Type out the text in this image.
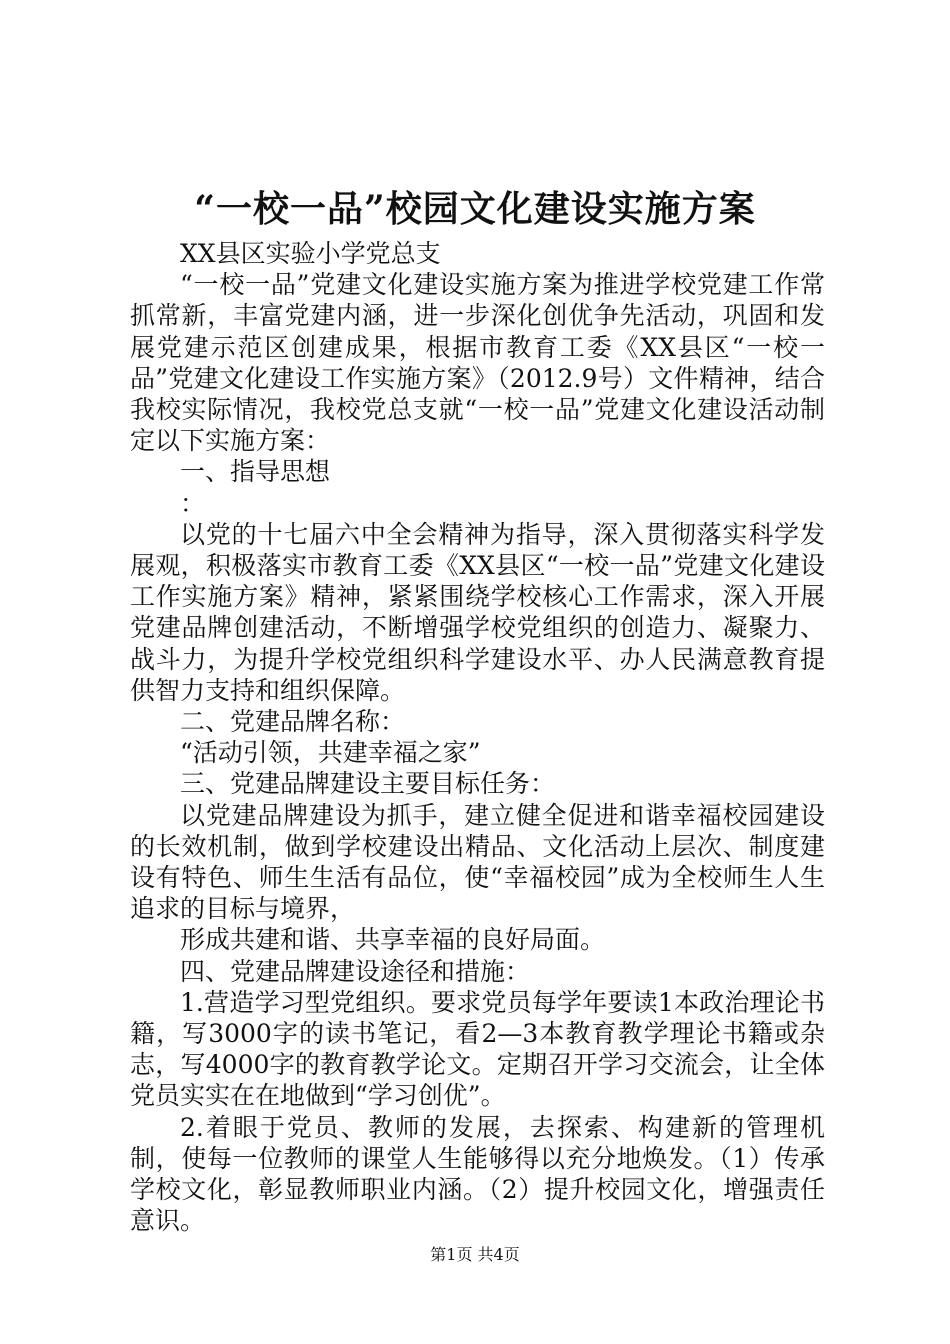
“一校一品”校园文化建设实施方案

XX县区实验小学党总支

“一校一品”党建文化建设实施方案为推进学校党建工作常抓常新，丰富党建内涵，进一步深化创优争先活动，巩固和发展党建示范区创建成果，根据市教育工委《XX县区“一校一品”党建文化建设工作实施方案》（2012.9号）文件精神，结合我校实际情况，我校党总支就“一校一品”党建文化建设活动制定以下实施方案：

一、指导思想

：

以党的十七届六中全会精神为指导，深入贯彻落实科学发展观，积极落实市教育工委《XX县区“一校一品”党建文化建设工作实施方案》精神，紧紧围绕学校核心工作需求，深入开展党建品牌创建活动，不断增强学校党组织的创造力、凝聚力、战斗力，为提升学校党组织科学建设水平、办人民满意教育提供智力支持和组织保障。

二、党建品牌名称：

“活动引领，共建幸福之家”

三、党建品牌建设主要目标任务：

以党建品牌建设为抓手，建立健全促进和谐幸福校园建设的长效机制，做到学校建设出精品、文化活动上层次、制度建设有特色、师生生活有品位，使“幸福校园”成为全校师生人生追求的目标与境界，

形成共建和谐、共享幸福的良好局面。

四、党建品牌建设途径和措施：

1.营造学习型党组织。要求党员每学年要读1本政治理论书籍，写3000字的读书笔记，看2—3本教育教学理论书籍或杂志，写4000字的教育教学论文。定期召开学习交流会，让全体党员实实在在地做到“学习创优”。

2.着眼于党员、教师的发展，去探索、构建新的管理机制，使每一位教师的课堂人生能够得以充分地焕发。（1）传承学校文化，彰显教师职业内涵。（2）提升校园文化，增强责任意识。

第1页 共4页
